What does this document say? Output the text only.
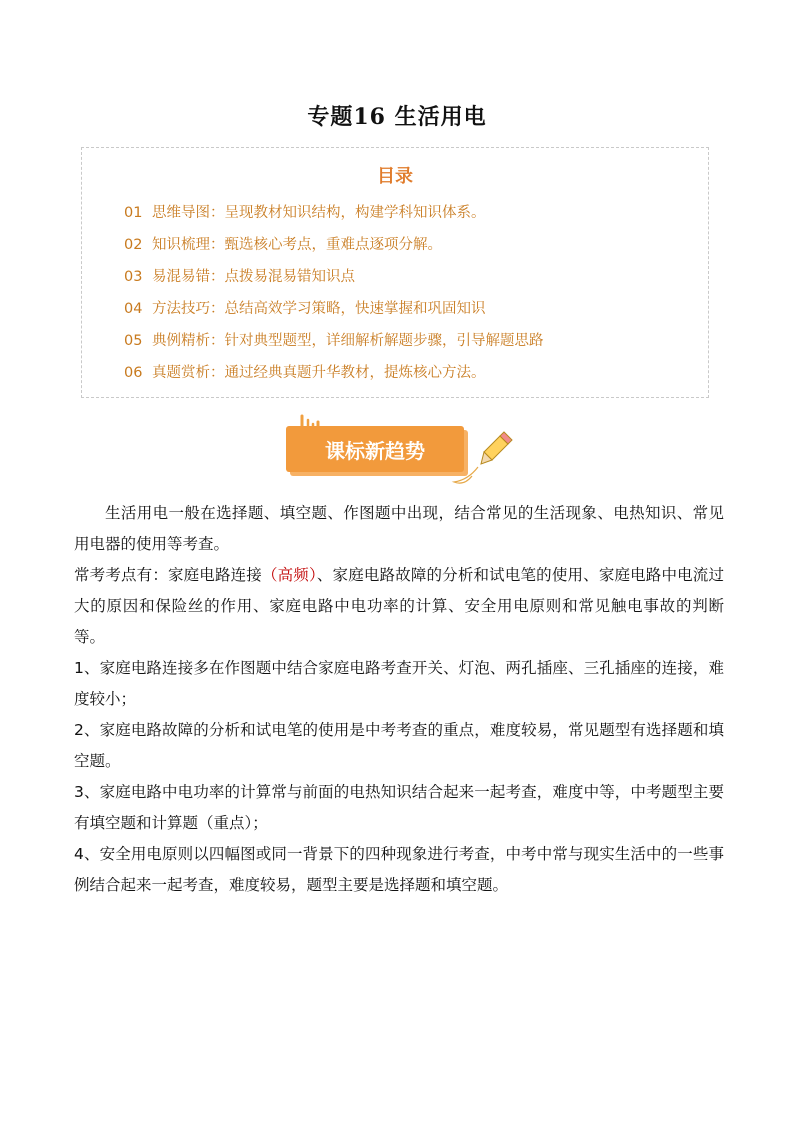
专题16 生活用电
目录
01 思维导图：呈现教材知识结构，构建学科知识体系。
02 知识梳理：甄选核心考点，重难点逐项分解。
03 易混易错：点拨易混易错知识点
04 方法技巧：总结高效学习策略，快速掌握和巩固知识
05 典例精析：针对典型题型，详细解析解题步骤，引导解题思路
06 真题赏析：通过经典真题升华教材，提炼核心方法。
课标新趋势

生活用电一般在选择题、填空题、作图题中出现，结合常见的生活现象、电热知识、常见用电器的使用等考查。

常考考点有：家庭电路连接（高频）、家庭电路故障的分析和试电笔的使用、家庭电路中电流过大的原因和保险丝的作用、家庭电路中电功率的计算、安全用电原则和常见触电事故的判断等。

1、家庭电路连接多在作图题中结合家庭电路考查开关、灯泡、两孔插座、三孔插座的连接，难度较小；

2、家庭电路故障的分析和试电笔的使用是中考考查的重点，难度较易，常见题型有选择题和填空题。

3、家庭电路中电功率的计算常与前面的电热知识结合起来一起考查，难度中等，中考题型主要有填空题和计算题（重点）；

4、安全用电原则以四幅图或同一背景下的四种现象进行考查，中考中常与现实生活中的一些事例结合起来一起考查，难度较易，题型主要是选择题和填空题。
